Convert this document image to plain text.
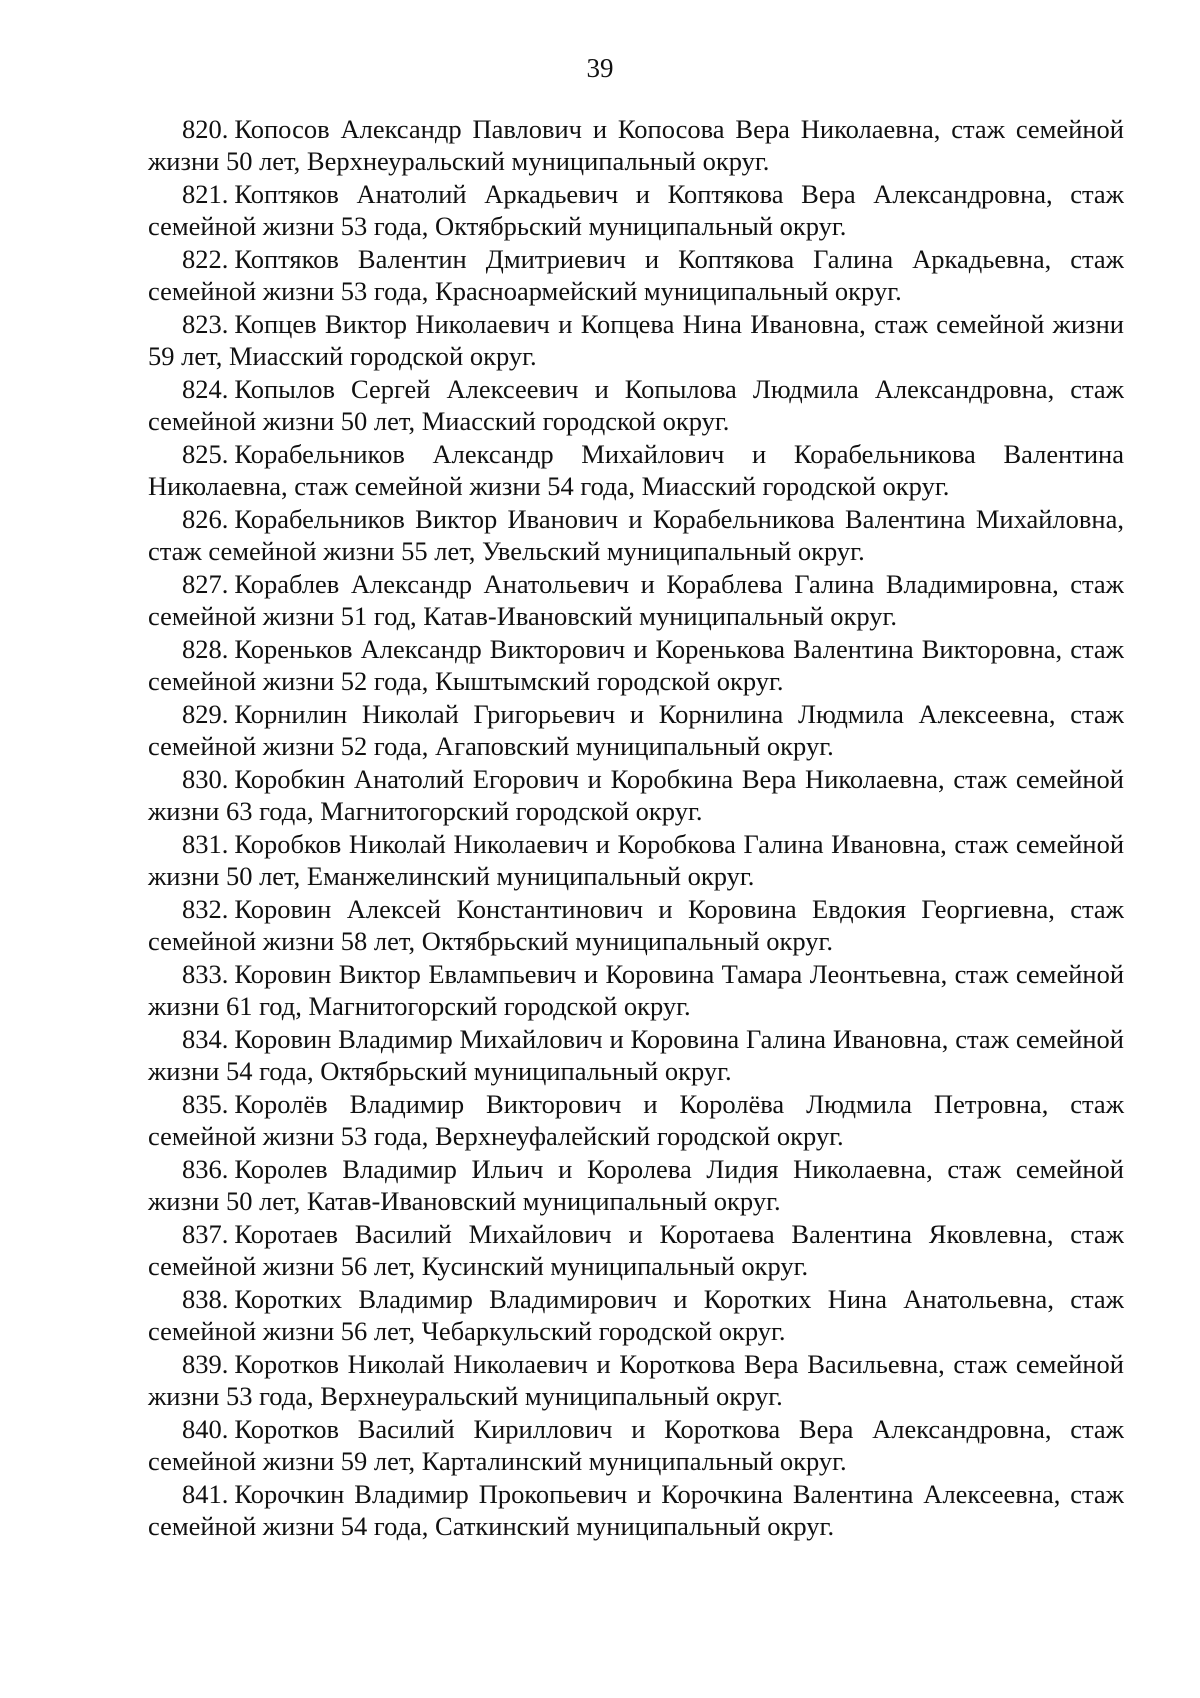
39

820. Копосов Александр Павлович и Копосова Вера Николаевна, стаж семейной жизни 50 лет, Верхнеуральский муниципальный округ.

821. Коптяков Анатолий Аркадьевич и Коптякова Вера Александровна, стаж семейной жизни 53 года, Октябрьский муниципальный округ.

822. Коптяков Валентин Дмитриевич и Коптякова Галина Аркадьевна, стаж семейной жизни 53 года, Красноармейский муниципальный округ.

823. Копцев Виктор Николаевич и Копцева Нина Ивановна, стаж семейной жизни 59 лет, Миасский городской округ.

824. Копылов Сергей Алексеевич и Копылова Людмила Александровна, стаж семейной жизни 50 лет, Миасский городской округ.

825. Корабельников Александр Михайлович и Корабельникова Валентина Николаевна, стаж семейной жизни 54 года, Миасский городской округ.

826. Корабельников Виктор Иванович и Корабельникова Валентина Михайловна, стаж семейной жизни 55 лет, Увельский муниципальный округ.

827. Кораблев Александр Анатольевич и Кораблева Галина Владимировна, стаж семейной жизни 51 год, Катав-Ивановский муниципальный округ.

828. Кореньков Александр Викторович и Коренькова Валентина Викторовна, стаж семейной жизни 52 года, Кыштымский городской округ.

829. Корнилин Николай Григорьевич и Корнилина Людмила Алексеевна, стаж семейной жизни 52 года, Агаповский муниципальный округ.

830. Коробкин Анатолий Егорович и Коробкина Вера Николаевна, стаж семейной жизни 63 года, Магнитогорский городской округ.

831. Коробков Николай Николаевич и Коробкова Галина Ивановна, стаж семейной жизни 50 лет, Еманжелинский муниципальный округ.

832. Коровин Алексей Константинович и Коровина Евдокия Георгиевна, стаж семейной жизни 58 лет, Октябрьский муниципальный округ.

833. Коровин Виктор Евлампьевич и Коровина Тамара Леонтьевна, стаж семейной жизни 61 год, Магнитогорский городской округ.

834. Коровин Владимир Михайлович и Коровина Галина Ивановна, стаж семейной жизни 54 года, Октябрьский муниципальный округ.

835. Королёв Владимир Викторович и Королёва Людмила Петровна, стаж семейной жизни 53 года, Верхнеуфалейский городской округ.

836. Королев Владимир Ильич и Королева Лидия Николаевна, стаж семейной жизни 50 лет, Катав-Ивановский муниципальный округ.

837. Коротаев Василий Михайлович и Коротаева Валентина Яковлевна, стаж семейной жизни 56 лет, Кусинский муниципальный округ.

838. Коротких Владимир Владимирович и Коротких Нина Анатольевна, стаж семейной жизни 56 лет, Чебаркульский городской округ.

839. Коротков Николай Николаевич и Короткова Вера Васильевна, стаж семейной жизни 53 года, Верхнеуральский муниципальный округ.

840. Коротков Василий Кириллович и Короткова Вера Александровна, стаж семейной жизни 59 лет, Карталинский муниципальный округ.

841. Корочкин Владимир Прокопьевич и Корочкина Валентина Алексеевна, стаж семейной жизни 54 года, Саткинский муниципальный округ.
